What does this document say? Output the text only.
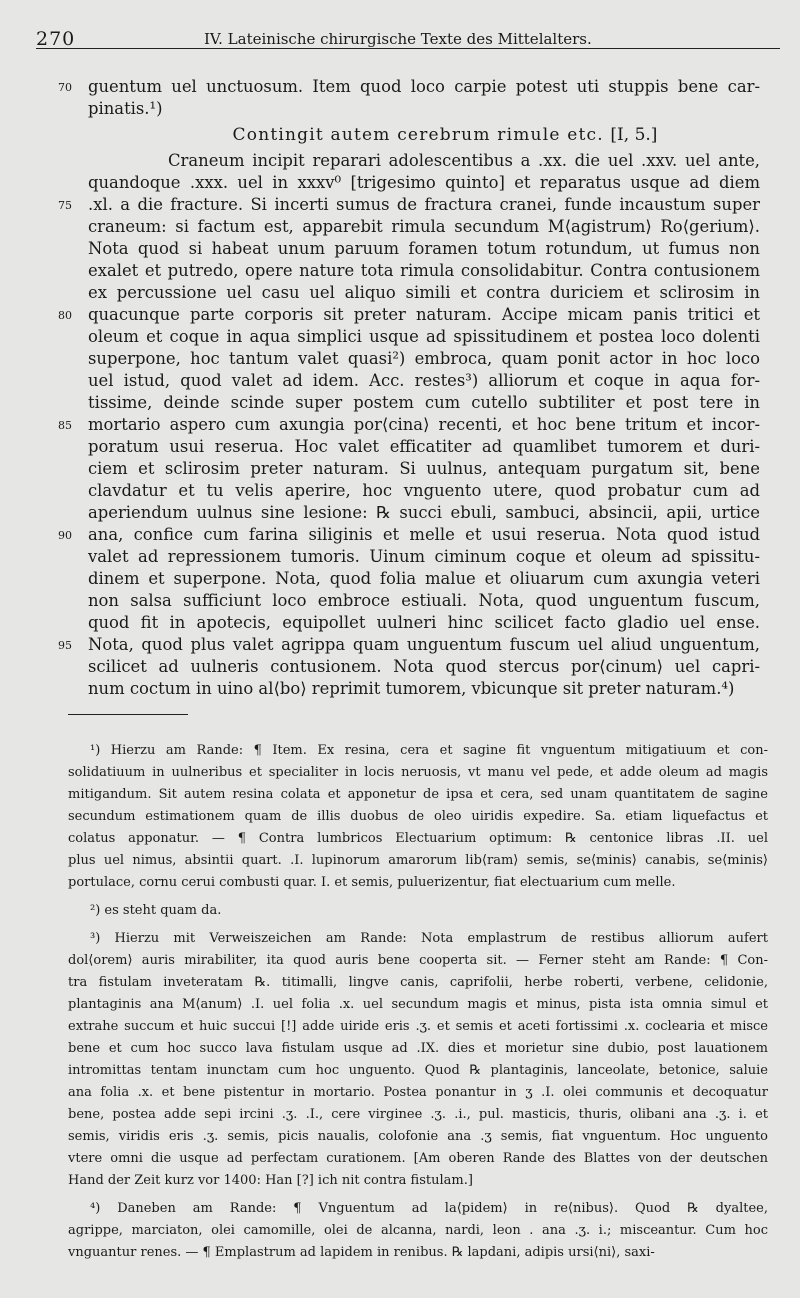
270	IV. Lateinische chirurgische Texte des Mittelalters.
70 guentum uel unctuosum. Item quod loco carpie potest uti stuppis bene car-
pinatis.¹)
Contingit autem cerebrum rimule etc. [I, 5.]
Craneum incipit reparari adolescentibus a .xx. die uel .xxv. uel ante,
quandoque .xxx. uel in xxxv⁰ [trigesimo quinto] et reparatus usque ad diem
75 .xl. a die fracture. Si incerti sumus de fractura cranei, funde incaustum super
craneum: si factum est, apparebit rimula secundum M⟨agistrum⟩ Ro⟨gerium⟩.
Nota quod si habeat unum paruum foramen totum rotundum, ut fumus non
exalet et putredo, opere nature tota rimula consolidabitur. Contra contusionem
ex percussione uel casu uel aliquo simili et contra duriciem et sclirosim in
80 quacunque parte corporis sit preter naturam. Accipe micam panis tritici et
oleum et coque in aqua simplici usque ad spissitudinem et postea loco dolenti
superpone, hoc tantum valet quasi²) embroca, quam ponit actor in hoc loco
uel istud, quod valet ad idem. Acc. restes³) alliorum et coque in aqua for-
tissime, deinde scinde super postem cum cutello subtiliter et post tere in
85 mortario aspero cum axungia por⟨cina⟩ recenti, et hoc bene tritum et incor-
poratum usui reserua. Hoc valet efficatiter ad quamlibet tumorem et duri-
ciem et sclirosim preter naturam. Si uulnus, antequam purgatum sit, bene
clavdatur et tu velis aperire, hoc vnguento utere, quod probatur cum ad
aperiendum uulnus sine lesione: ℞ succi ebuli, sambuci, absincii, apii, urtice
90 ana, confice cum farina siliginis et melle et usui reserua. Nota quod istud
valet ad repressionem tumoris. Uinum ciminum coque et oleum ad spissitu-
dinem et superpone. Nota, quod folia malue et oliuarum cum axungia veteri
non salsa sufficiunt loco embroce estiuali. Nota, quod unguentum fuscum,
quod fit in apotecis, equipollet uulneri hinc scilicet facto gladio uel ense.
95 Nota, quod plus valet agrippa quam unguentum fuscum uel aliud unguentum,
scilicet ad uulneris contusionem. Nota quod stercus por⟨cinum⟩ uel capri-
num coctum in uino al⟨bo⟩ reprimit tumorem, vbicunque sit preter naturam.⁴)
¹) Hierzu am Rande: ¶ Item. Ex resina, cera et sagine fit vnguentum mitigatiuum et con-
solidatiuum in uulneribus et specialiter in locis neruosis, vt manu vel pede, et adde oleum ad magis
mitigandum. Sit autem resina colata et apponetur de ipsa et cera, sed unam quantitatem de sagine
secundum estimationem quam de illis duobus de oleo uiridis expedire. Sa. etiam liquefactus et
colatus apponatur. — ¶ Contra lumbricos Electuarium optimum: ℞ centonice libras .II. uel
plus uel nimus, absintii quart. .I. lupinorum amarorum lib⟨ram⟩ semis, se⟨minis⟩ canabis, se⟨minis⟩
portulace, cornu cerui combusti quar. I. et semis, puluerizentur, fiat electuarium cum melle.
²) es steht quam da.
³) Hierzu mit Verweiszeichen am Rande: Nota emplastrum de restibus alliorum aufert
dol⟨orem⟩ auris mirabiliter, ita quod auris bene cooperta sit. — Ferner steht am Rande: ¶ Con-
tra fistulam inveteratam ℞. titimalli, lingve canis, caprifolii, herbe roberti, verbene, celidonie,
plantaginis ana M⟨anum⟩ .I. uel folia .x. uel secundum magis et minus, pista ista omnia simul et
extrahe succum et huic succui [!] adde uiride eris .ʒ. et semis et aceti fortissimi .x. coclearia et misce
bene et cum hoc succo lava fistulam usque ad .IX. dies et morietur sine dubio, post lauationem
intromittas tentam inunctam cum hoc unguento. Quod ℞ plantaginis, lanceolate, betonice, saluie
ana folia .x. et bene pistentur in mortario. Postea ponantur in ʒ .I. olei communis et decoquatur
bene, postea adde sepi ircini .ʒ. .I., cere virginee .ʒ. .i., pul. masticis, thuris, olibani ana .ʒ. i. et
semis, viridis eris .ʒ. semis, picis naualis, colofonie ana .ʒ semis, fiat vnguentum. Hoc unguento
vtere omni die usque ad perfectam curationem. [Am oberen Rande des Blattes von der deutschen
Hand der Zeit kurz vor 1400: Han [?] ich nit contra fistulam.]
⁴) Daneben am Rande: ¶ Vnguentum ad la⟨pidem⟩ in re⟨nibus⟩. Quod ℞ dyaltee,
agrippe, marciaton, olei camomille, olei de alcanna, nardi, leon . ana .ʒ. i.; misceantur. Cum hoc
vnguantur renes. — ¶ Emplastrum ad lapidem in renibus. ℞ lapdani, adipis ursi⟨ni⟩, saxi-
